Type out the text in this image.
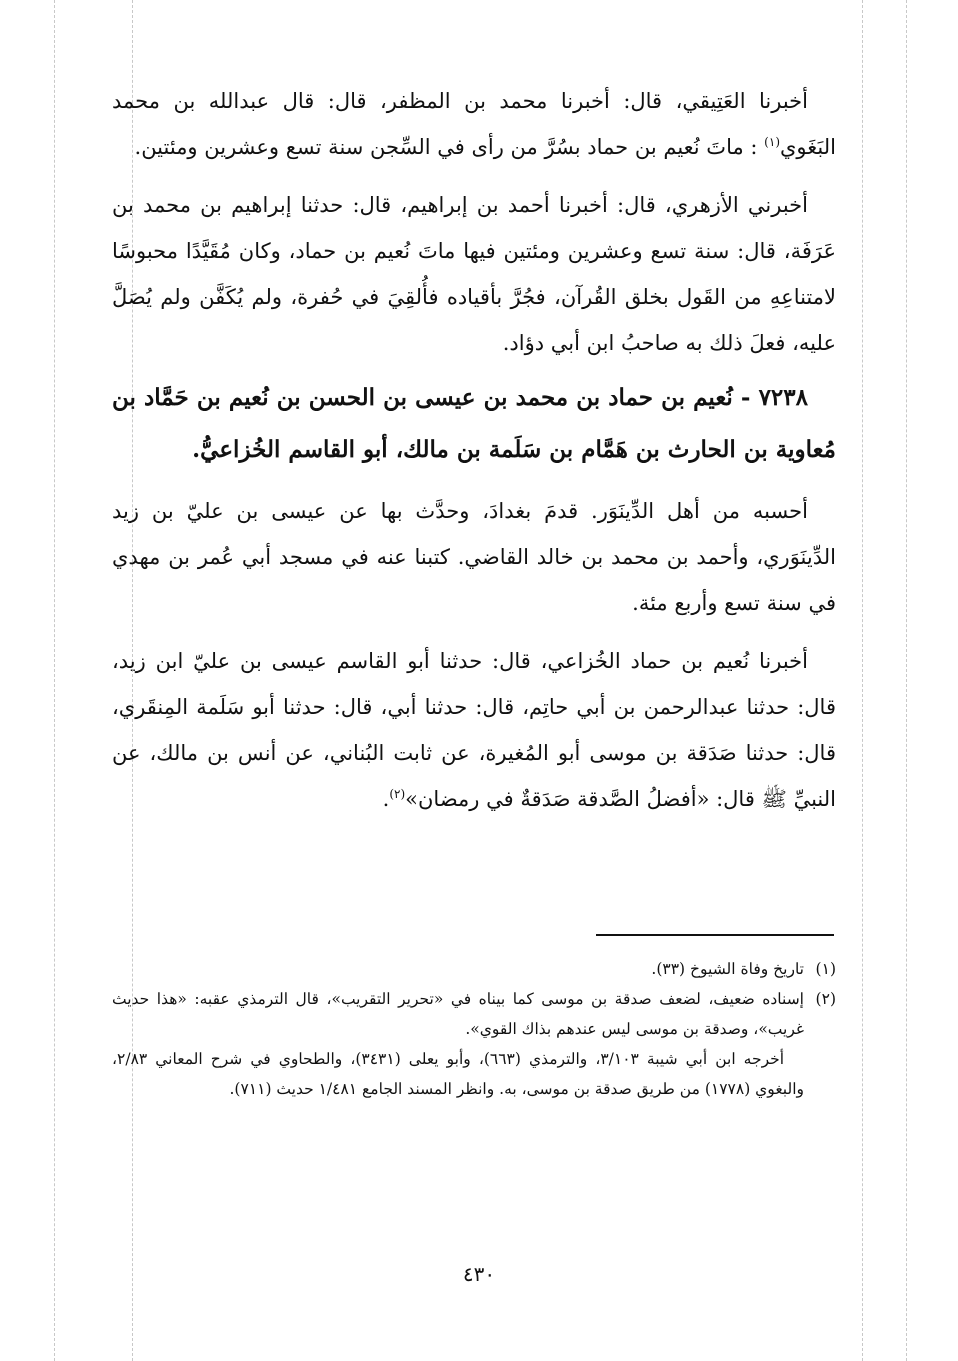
أخبرنا العَتِيقي، قال: أخبرنا محمد بن المظفر، قال: قال عبدالله بن محمد البَغَوي$^{(١)}$ : ماتَ نُعيم بن حماد بسُرَّ من رأى في السِّجن سنة تسع وعشرين ومئتين.

أخبرني الأزهري، قال: أخبرنا أحمد بن إبراهيم، قال: حدثنا إبراهيم بن محمد بن عَرَفَة، قال: سنة تسع وعشرين ومئتين فيها ماتَ نُعيم بن حماد، وكان مُقَيَّدًا محبوسًا لامتناعِهِ من القَول بخلق القُرآن، فجُرَّ بأقياده فأُلقِيَ في حُفرة، ولم يُكَفَّن ولم يُصَلَّ عليه، فعلَ ذلك به صاحبُ ابن أبي دؤاد.

٧٢٣٨ - نُعيم بن حماد بن محمد بن عيسى بن الحسن بن نُعيم بن حَمَّاد بن مُعاوية بن الحارث بن هَمَّام بن سَلَمة بن مالك، أبو القاسم الخُزاعيُّ.

أحسبه من أهل الدِّينَوَر. قدمَ بغدادَ، وحدَّث بها عن عيسى بن عليّ بن زيد الدِّينَوَري، وأحمد بن محمد بن خالد القاضي. كتبنا عنه في مسجد أبي عُمر بن مهدي في سنة تسع وأربع مئة.

أخبرنا نُعيم بن حماد الخُزاعي، قال: حدثنا أبو القاسم عيسى بن عليّ ابن زيد، قال: حدثنا عبدالرحمن بن أبي حاتِم، قال: حدثنا أبي، قال: حدثنا أبو سَلَمة المِنقَري، قال: حدثنا صَدَقة بن موسى أبو المُغيرة، عن ثابت البُناني، عن أنس بن مالك، عن النبيِّ ﷺ قال: «أفضلُ الصَّدقة صَدَقةٌ في رمضان»$^{(٢)}$.

(١)
تاريخ وفاة الشيوخ (٣٣).
(٢)
إسناده ضعيف، لضعف صدقة بن موسى كما بيناه في «تحرير التقريب»، قال الترمذي عقبه: «هذا حديث غريب»، وصدقة بن موسى ليس عندهم بذاك القوي».
أخرجه ابن أبي شيبة ٣/١٠٣، والترمذي (٦٦٣)، وأبو يعلى (٣٤٣١)، والطحاوي في شرح المعاني ٢/٨٣، والبغوي (١٧٧٨) من طريق صدقة بن موسى، به. وانظر المسند الجامع ١/٤٨١ حديث (٧١١).
٤٣٠
